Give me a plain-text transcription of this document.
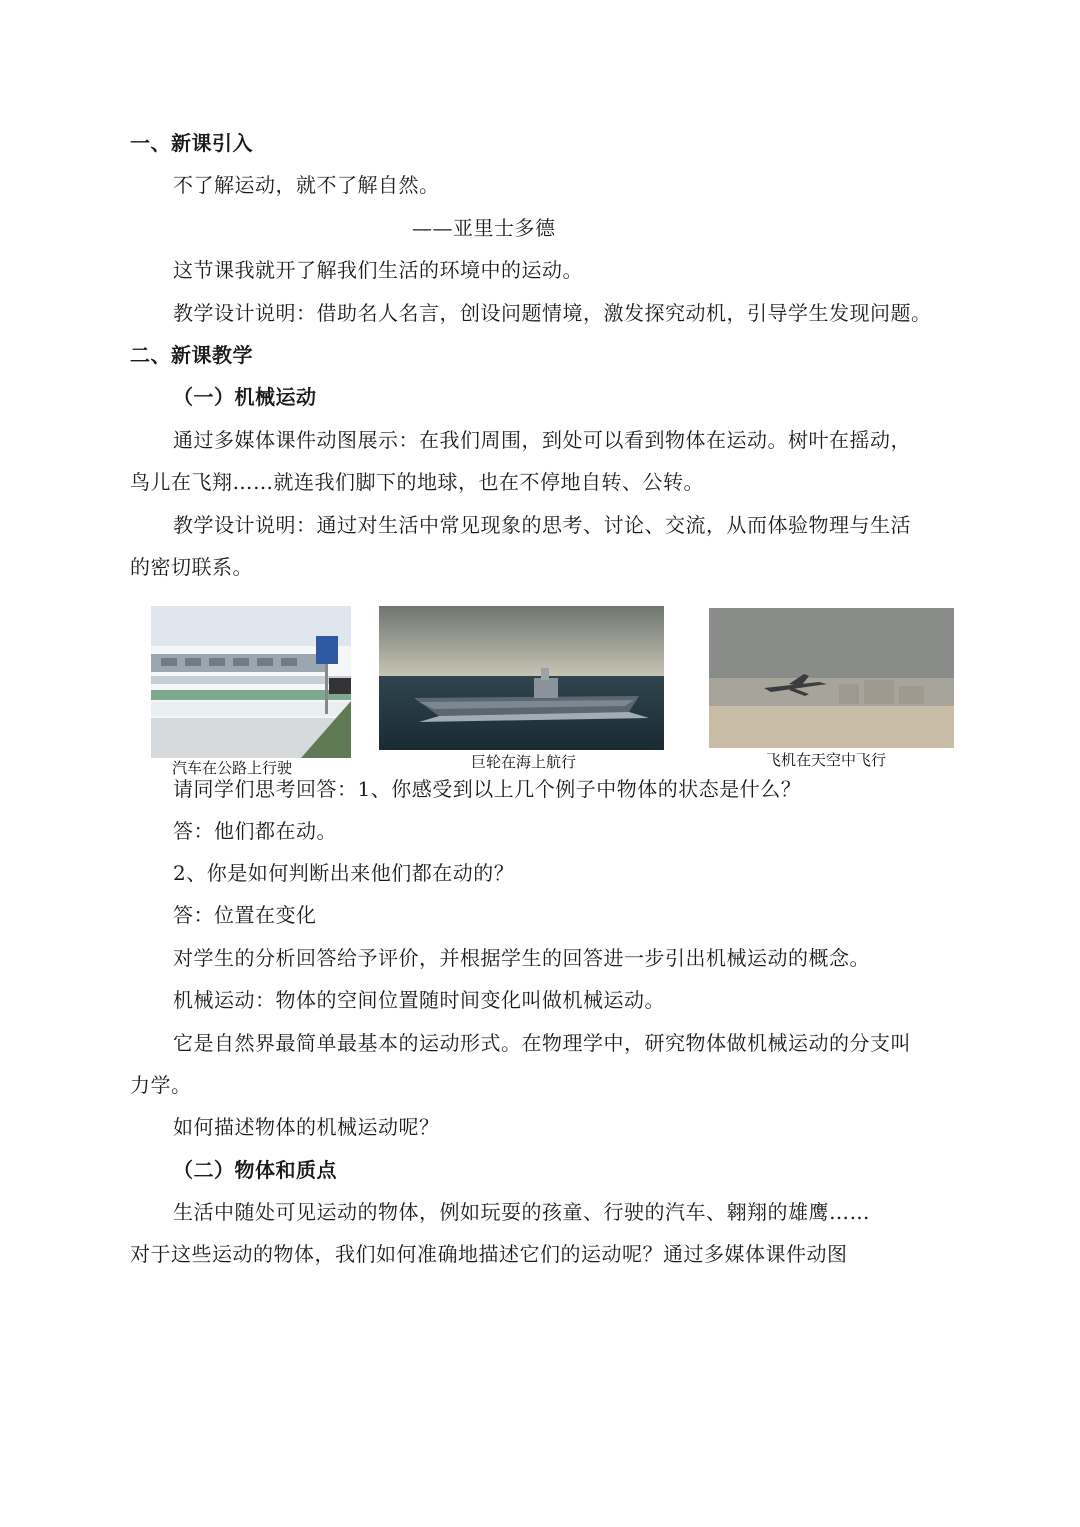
一、新课引入
不了解运动，就不了解自然。
——亚里士多德
这节课我就开了解我们生活的环境中的运动。
教学设计说明：借助名人名言，创设问题情境，激发探究动机，引导学生发现问题。
二、新课教学
（一）机械运动
通过多媒体课件动图展示：在我们周围，到处可以看到物体在运动。树叶在摇动，
鸟儿在飞翔……就连我们脚下的地球，也在不停地自转、公转。
教学设计说明：通过对生活中常见现象的思考、讨论、交流，从而体验物理与生活
的密切联系。
汽车在公路上行驶	巨轮在海上航行	飞机在天空中飞行
请同学们思考回答：1、你感受到以上几个例子中物体的状态是什么？
答：他们都在动。
2、你是如何判断出来他们都在动的？
答：位置在变化
对学生的分析回答给予评价，并根据学生的回答进一步引出机械运动的概念。
机械运动：物体的空间位置随时间变化叫做机械运动。
它是自然界最简单最基本的运动形式。在物理学中，研究物体做机械运动的分支叫
力学。
如何描述物体的机械运动呢？
（二）物体和质点
生活中随处可见运动的物体，例如玩耍的孩童、行驶的汽车、翱翔的雄鹰……
对于这些运动的物体，我们如何准确地描述它们的运动呢？通过多媒体课件动图
